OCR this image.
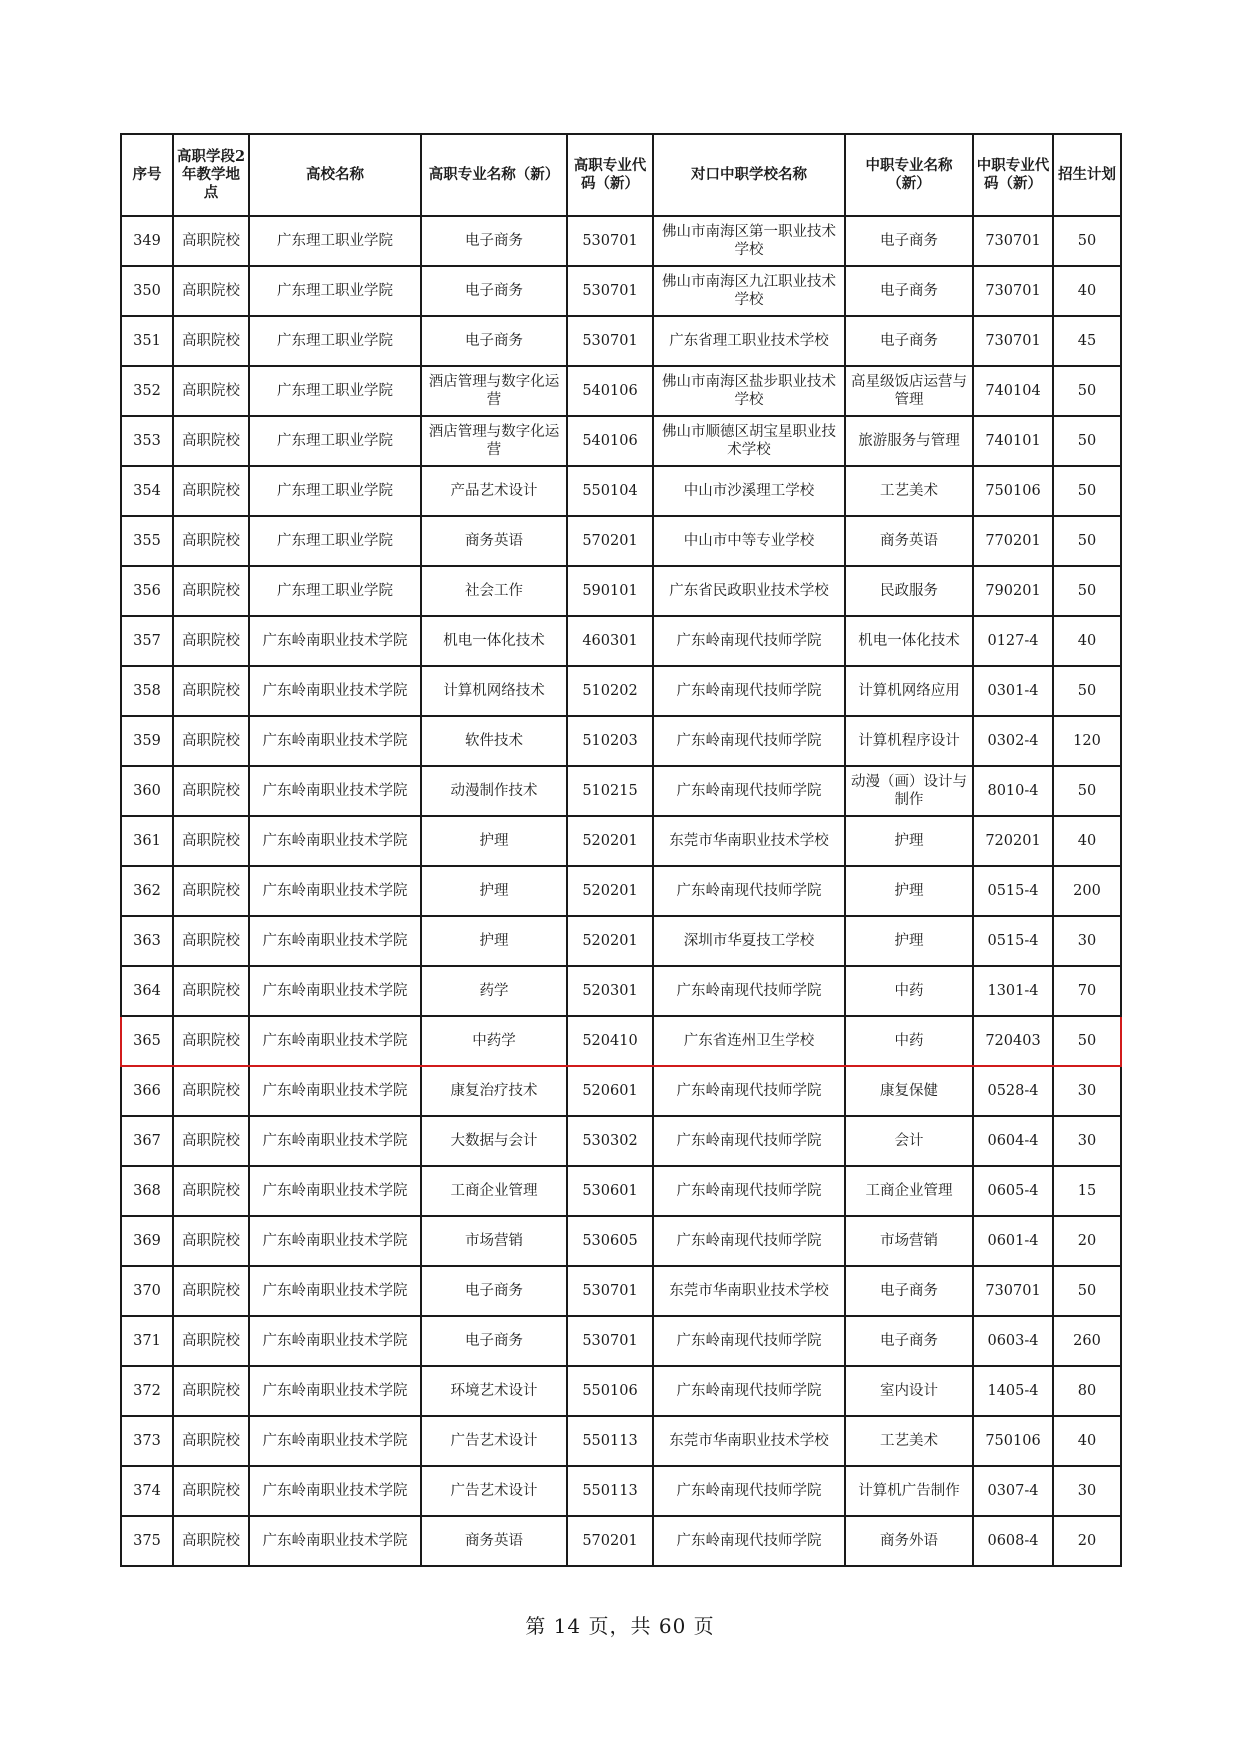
序号	高职学段2年教学地点	高校名称	高职专业名称（新）	高职专业代码（新）	对口中职学校名称	中职专业名称（新）	中职专业代码（新）	招生计划
349	高职院校	广东理工职业学院	电子商务	530701	佛山市南海区第一职业技术学校	电子商务	730701	50
350	高职院校	广东理工职业学院	电子商务	530701	佛山市南海区九江职业技术学校	电子商务	730701	40
351	高职院校	广东理工职业学院	电子商务	530701	广东省理工职业技术学校	电子商务	730701	45
352	高职院校	广东理工职业学院	酒店管理与数字化运营	540106	佛山市南海区盐步职业技术学校	高星级饭店运营与管理	740104	50
353	高职院校	广东理工职业学院	酒店管理与数字化运营	540106	佛山市顺德区胡宝星职业技术学校	旅游服务与管理	740101	50
354	高职院校	广东理工职业学院	产品艺术设计	550104	中山市沙溪理工学校	工艺美术	750106	50
355	高职院校	广东理工职业学院	商务英语	570201	中山市中等专业学校	商务英语	770201	50
356	高职院校	广东理工职业学院	社会工作	590101	广东省民政职业技术学校	民政服务	790201	50
357	高职院校	广东岭南职业技术学院	机电一体化技术	460301	广东岭南现代技师学院	机电一体化技术	0127-4	40
358	高职院校	广东岭南职业技术学院	计算机网络技术	510202	广东岭南现代技师学院	计算机网络应用	0301-4	50
359	高职院校	广东岭南职业技术学院	软件技术	510203	广东岭南现代技师学院	计算机程序设计	0302-4	120
360	高职院校	广东岭南职业技术学院	动漫制作技术	510215	广东岭南现代技师学院	动漫（画）设计与制作	8010-4	50
361	高职院校	广东岭南职业技术学院	护理	520201	东莞市华南职业技术学校	护理	720201	40
362	高职院校	广东岭南职业技术学院	护理	520201	广东岭南现代技师学院	护理	0515-4	200
363	高职院校	广东岭南职业技术学院	护理	520201	深圳市华夏技工学校	护理	0515-4	30
364	高职院校	广东岭南职业技术学院	药学	520301	广东岭南现代技师学院	中药	1301-4	70
365	高职院校	广东岭南职业技术学院	中药学	520410	广东省连州卫生学校	中药	720403	50
366	高职院校	广东岭南职业技术学院	康复治疗技术	520601	广东岭南现代技师学院	康复保健	0528-4	30
367	高职院校	广东岭南职业技术学院	大数据与会计	530302	广东岭南现代技师学院	会计	0604-4	30
368	高职院校	广东岭南职业技术学院	工商企业管理	530601	广东岭南现代技师学院	工商企业管理	0605-4	15
369	高职院校	广东岭南职业技术学院	市场营销	530605	广东岭南现代技师学院	市场营销	0601-4	20
370	高职院校	广东岭南职业技术学院	电子商务	530701	东莞市华南职业技术学校	电子商务	730701	50
371	高职院校	广东岭南职业技术学院	电子商务	530701	广东岭南现代技师学院	电子商务	0603-4	260
372	高职院校	广东岭南职业技术学院	环境艺术设计	550106	广东岭南现代技师学院	室内设计	1405-4	80
373	高职院校	广东岭南职业技术学院	广告艺术设计	550113	东莞市华南职业技术学校	工艺美术	750106	40
374	高职院校	广东岭南职业技术学院	广告艺术设计	550113	广东岭南现代技师学院	计算机广告制作	0307-4	30
375	高职院校	广东岭南职业技术学院	商务英语	570201	广东岭南现代技师学院	商务外语	0608-4	20
第 14 页，共 60 页
